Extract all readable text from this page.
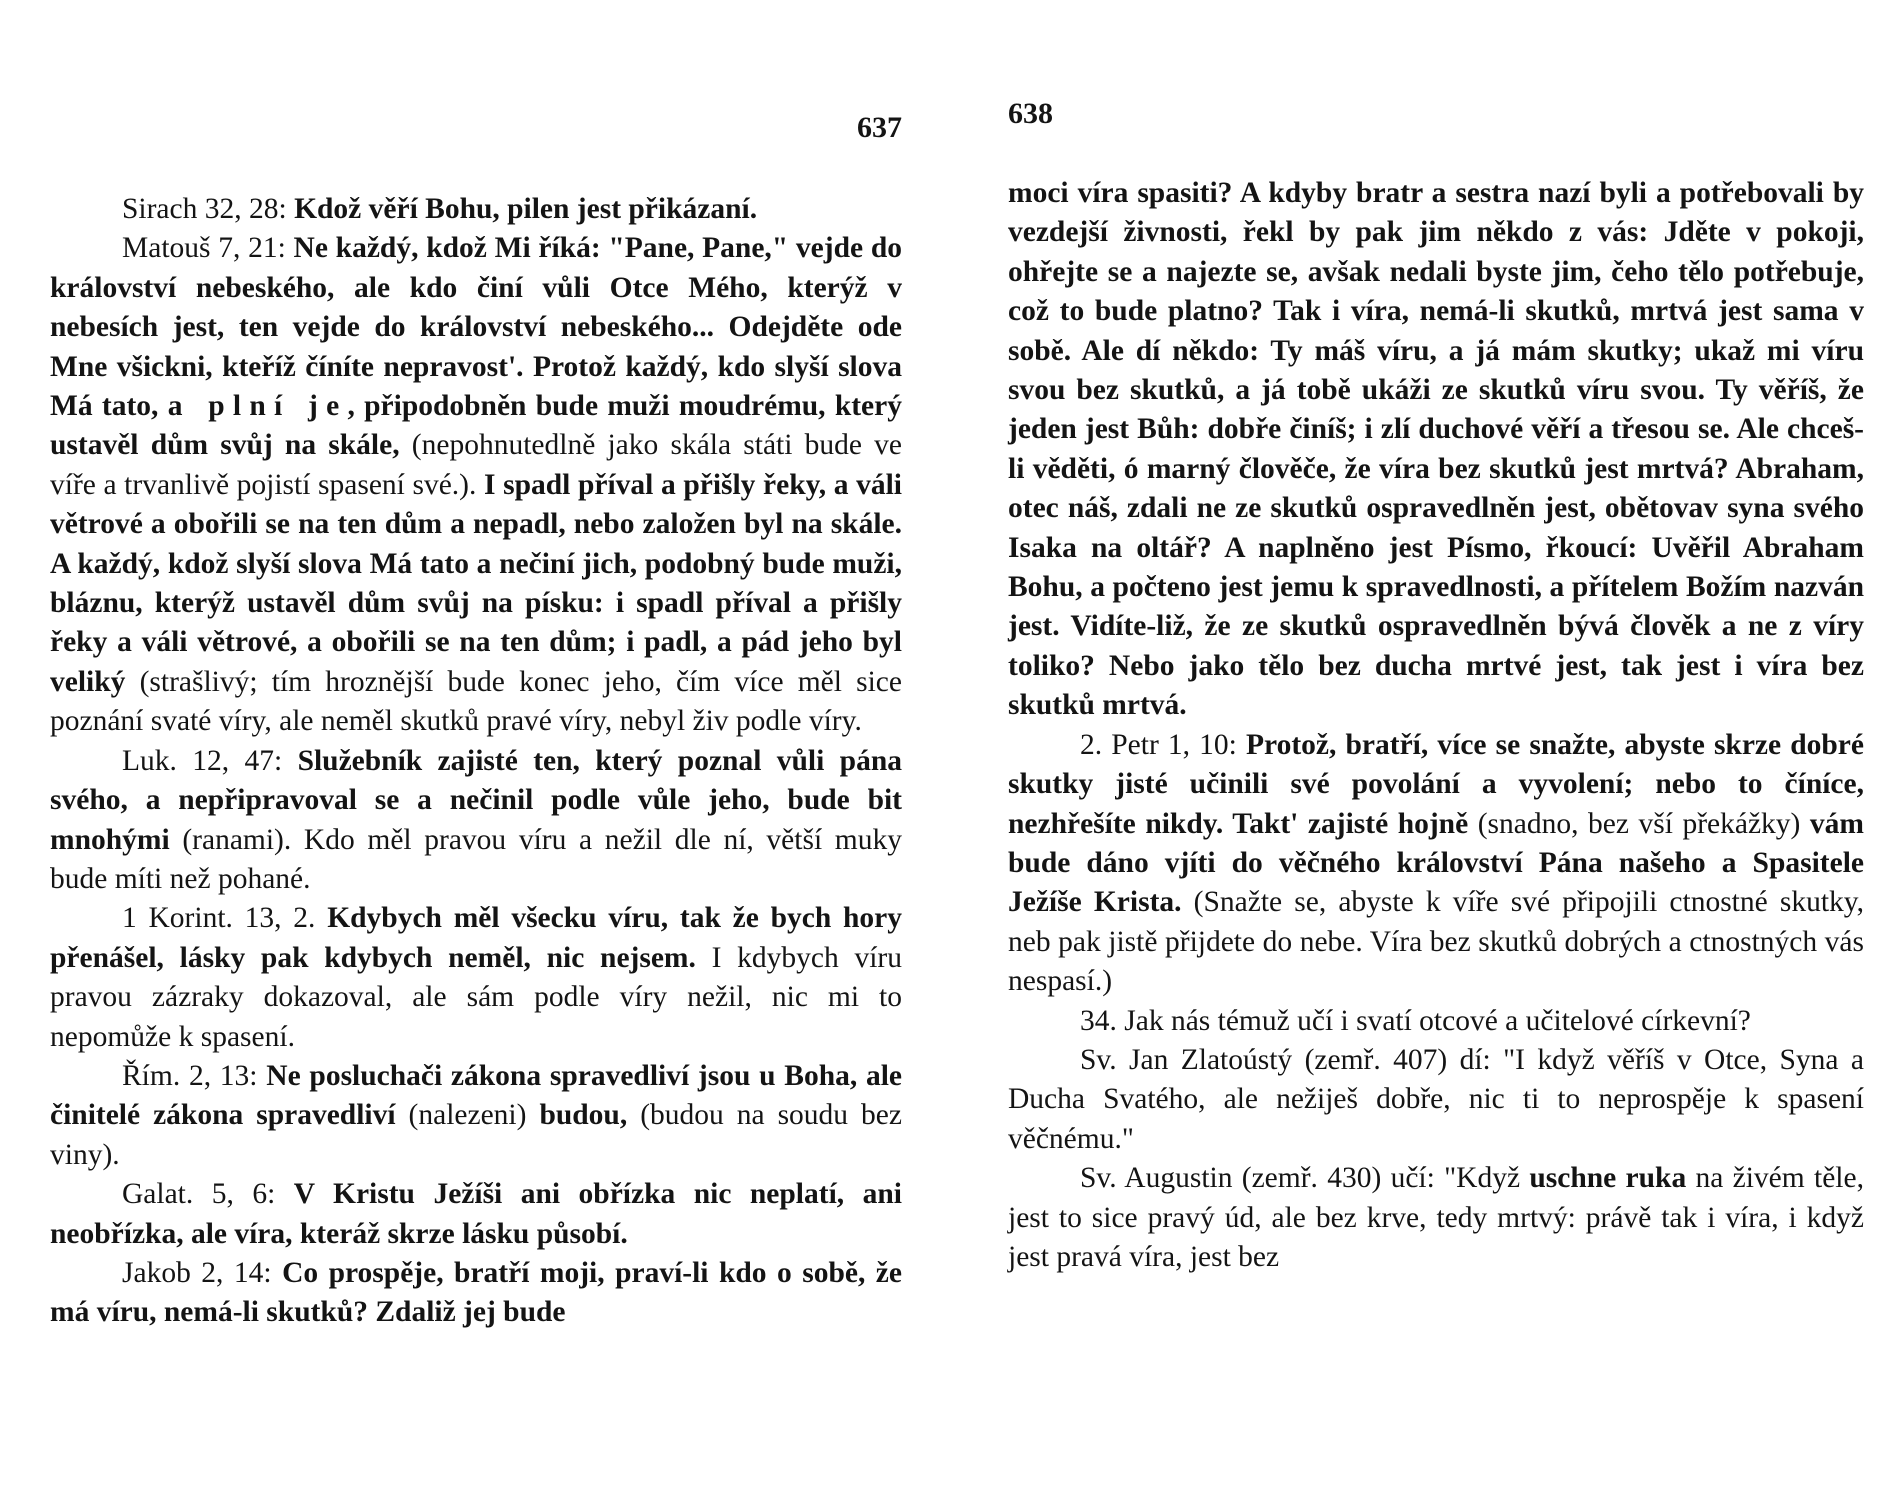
637

Sirach 32, 28: Kdož věří Bohu, pilen jest přikázaní.

Matouš 7, 21: Ne každý, kdož Mi říká: "Pane, Pane," vejde do království nebeského, ale kdo činí vůli Otce Méhо, kterýž v nebesích jest, ten vejde do království nebeského... Odejděte ode Mne všickni, kteříž číníte nepravost'. Protož každý, kdo slyší slova Má tato, a plní je, připodobněn bude muži moudrému, který ustavěl dům svůj na skále, (nepohnutedlně jako skála státi bude ve víře a trvanlivě pojistí spasení své.). I spadl příval a přišly řeky, a váli větrové a obořili se na ten dům a nepadl, nebo založen byl na skále. A každý, kdož slyší slova Má tato a nečiní jich, podobný bude muži, bláznu, kterýž ustavěl dům svůj na písku: i spadl příval a přišly řeky a váli větrové, a obořili se na ten dům; i padl, a pád jeho byl veliký (strašlivý; tím hroznější bude konec jeho, čím více měl sice poznání svaté víry, ale neměl skutků pravé víry, nebyl živ podle víry.

Luk. 12, 47: Služebník zajisté ten, který poznal vůli pána svého, a nepřipravoval se a nečinil podle vůle jeho, bude bit mnohými (ranami). Kdo měl pravou víru a nežil dle ní, větší muky bude míti než pohané.

1 Korint. 13, 2. Kdybych měl všecku víru, tak že bych hory přenášel, lásky pak kdybych neměl, nic nejsem. I kdybych víru pravou zázraky dokazoval, ale sám podle víry nežil, nic mi to nepomůže k spasení.

Řím. 2, 13: Ne posluchači zákona spravedliví jsou u Boha, ale činitelé zákona spravedliví (nalezeni) budou, (budou na soudu bez viny).

Galat. 5, 6: V Kristu Ježíši ani obřízka nic neplatí, ani neobřízka, ale víra, kteráž skrze lásku působí.

Jakob 2, 14: Co prospěje, bratří moji, praví-li kdo o sobě, že má víru, nemá-li skutků? Zdaliž jej bude

638

moci víra spasiti? A kdyby bratr a sestra nazí byli a potřebovali by vezdejší živnosti, řekl by pak jim někdo z vás: Jděte v pokoji, ohřejte se a najezte se, avšak nedali byste jim, čeho tělo potřebuje, což to bude platno? Tak i víra, nemá-li skutků, mrtvá jest sama v sobě. Ale dí někdo: Ty máš víru, a já mám skutky; ukaž mi víru svou bez skutků, a já tobě ukáži ze skutků víru svou. Ty věříš, že jeden jest Bůh: dobře činíš; i zlí duchové věří a třesou se. Ale chceš-li věděti, ó marný člověče, že víra bez skutků jest mrtvá? Abraham, otec náš, zdali ne ze skutků ospravedlněn jest, obětovav syna svého Isaka na oltář? A naplněno jest Písmo, řkoucí: Uvěřil Abraham Bohu, a počteno jest jemu k spravedlnosti, a přítelem Božím nazván jest. Vidíte-liž, že ze skutků ospravedlněn bývá člověk a ne z víry toliko? Nebo jako tělo bez ducha mrtvé jest, tak jest i víra bez skutků mrtvá.

2. Petr 1, 10: Protož, bratří, více se snažte, abyste skrze dobré skutky jisté učinili své povolání a vyvolení; nebo to číníce, nezhřešíte nikdy. Takt' zajisté hojně (snadno, bez vší překážky) vám bude dáno vjíti do věčného království Pána našeho a Spasitele Ježíše Krista. (Snažte se, abyste k víře své připojili ctnostné skutky, neb pak jistě přijdete do nebe. Víra bez skutků dobrých a ctnostných vás nespasí.)

34. Jak nás témuž učí i svatí otcové a učitelové církevní?

Sv. Jan Zlatoústý (zemř. 407) dí: "I když věříš v Otce, Syna a Ducha Svatého, ale nežiješ dobře, nic ti to neprospěje k spasení věčnému."

Sv. Augustin (zemř. 430) učí: "Když uschne ruka na živém těle, jest to sice pravý úd, ale bez krve, tedy mrtvý: právě tak i víra, i když jest pravá víra, jest bez
